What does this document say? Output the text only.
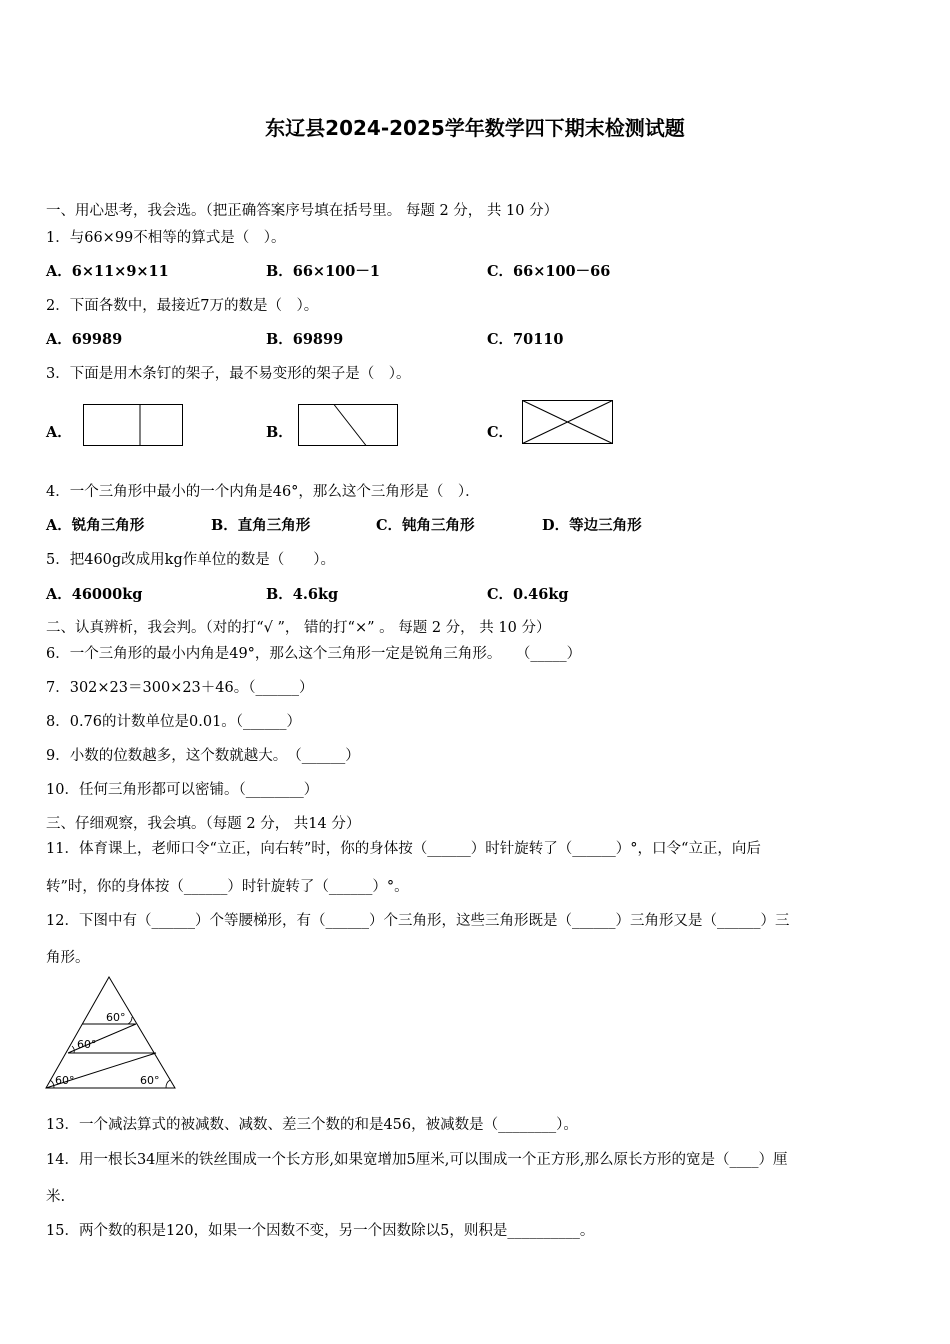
东辽县2024-2025学年数学四下期末检测试题
一、用心思考，我会选。（把正确答案序号填在括号里。 每题 2 分， 共 10 分）
1．与66×99不相等的算式是（　）。
A．6×11×9×11	B．66×100－1	C．66×100－66
2．下面各数中，最接近7万的数是（　）。
A．69989	B．69899	C．70110
3．下面是用木条钉的架子，最不易变形的架子是（　）。
A．	B．	C．
4．一个三角形中最小的一个内角是46°，那么这个三角形是（　）．
A．锐角三角形	B．直角三角形	C．钝角三角形	D．等边三角形
5．把460g改成用kg作单位的数是（　　）。
A．46000kg	B．4.6kg	C．0.46kg
二、认真辨析，我会判。（对的打“√ ”， 错的打“×” 。 每题 2 分， 共 10 分）
6．一个三角形的最小内角是49°，那么这个三角形一定是锐角三角形。　　（_____）
7．302×23＝300×23＋46。（______）
8．0.76的计数单位是0.01。（______）
9．小数的位数越多，这个数就越大。　（______）
10．任何三角形都可以密铺。（________）
三、仔细观察，我会填。（每题 2 分， 共14 分）
11．体育课上，老师口令“立正，向右转”时，你的身体按（______）时针旋转了（______）°，口令“立正，向后
转”时，你的身体按（______）时针旋转了（______）°。
12．下图中有（______）个等腰梯形，有（______）个三角形，这些三角形既是（______）三角形又是（______）三
角形。
60°
60°
60°	60°
13．一个减法算式的被减数、减数、差三个数的和是456，被减数是（________）。
14．用一根长34厘米的铁丝围成一个长方形,如果宽增加5厘米,可以围成一个正方形,那么原长方形的宽是（____）厘
米.
15．两个数的积是120，如果一个因数不变，另一个因数除以5，则积是__________。
